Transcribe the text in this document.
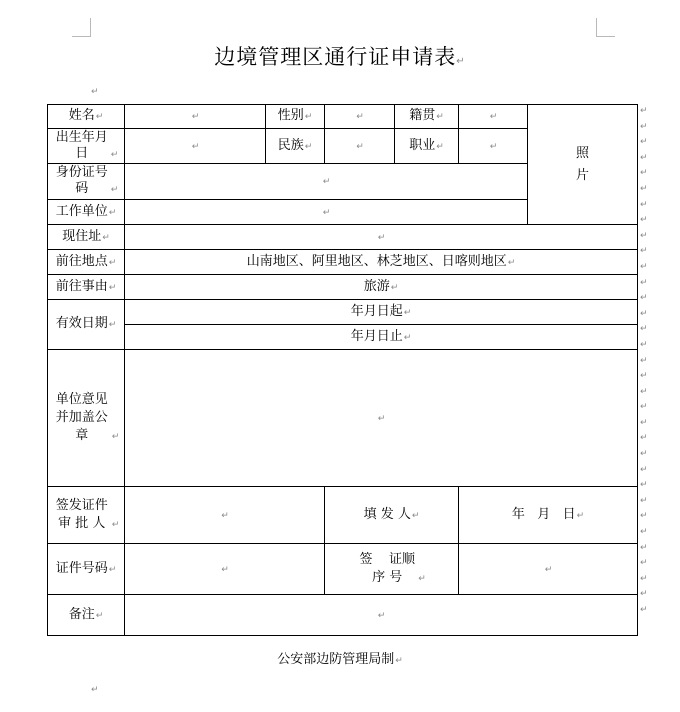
边境管理区通行证申请表↵
↵
姓名↵	↵	性别↵	↵	籍贯↵	↵	照片
出生年月日 ↵	↵	民族↵	↵	职业↵	↵	
身份证号码 ↵	↵					
工作单位↵	↵					
现住址↵	↵					
前往地点↵	山南地区、阿里地区、林芝地区、日喀则地区↵					
前往事由↵	旅游↵					
有效日期↵	年月日起↵					
	年月日止↵					
单位意见并加盖公章 ↵	↵					
签发证件审 批 人 ↵	↵		填 发 人↵		年   月   日↵	
证件号码↵	↵		签    证顺 序 号 ↵		↵	
备注↵	↵					
↵
↵
↵
↵
↵
↵
↵
↵
↵
↵
↵
↵
↵
↵
↵
↵
↵
↵
↵
↵
↵
↵
↵
↵
↵
↵
↵
↵
↵
↵
↵
↵
↵
公安部边防管理局制↵
↵
